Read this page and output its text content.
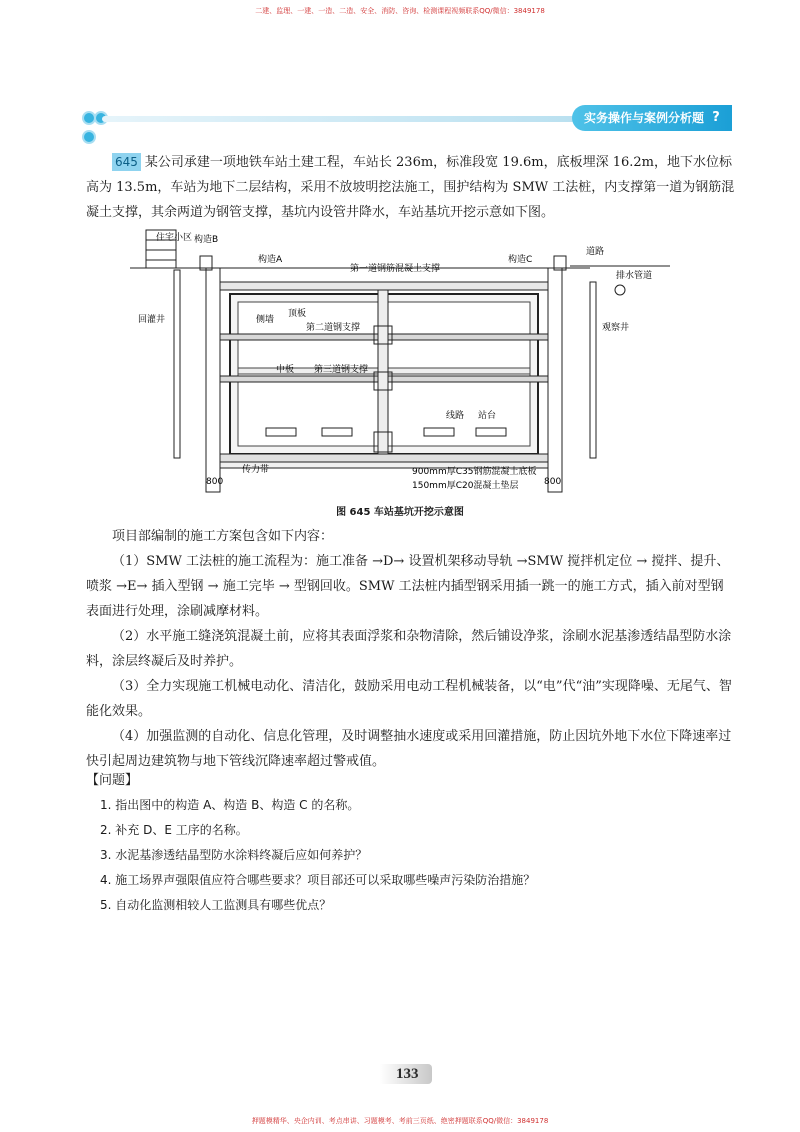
二建、监理、一建、一造、二造、安全、消防、咨询、检测课程视频联系QQ/微信：3849178
实务操作与案例分析题 ?
645 某公司承建一项地铁车站土建工程，车站长 236m，标准段宽 19.6m，底板埋深 16.2m，地下水位标高为 13.5m，车站为地下二层结构，采用不放坡明挖法施工，围护结构为 SMW 工法桩，内支撑第一道为钢筋混凝土支撑，其余两道为钢管支撑，基坑内设管井降水，车站基坑开挖示意如下图。
住宅小区 构造B
构造A
第一道钢筋混凝土支撑
构造C
道路
排水管道
回灌井	侧墙
顶板
第二道钢支撑	观察井
中板 第三道钢支撑
线路 站台
传力带
800	800
900mm厚C35钢筋混凝土底板
150mm厚C20混凝土垫层
图 645 车站基坑开挖示意图

项目部编制的施工方案包含如下内容：

（1）SMW 工法桩的施工流程为：施工准备 →D→ 设置机架移动导轨 →SMW 搅拌机定位 → 搅拌、提升、喷浆 →E→ 插入型钢 → 施工完毕 → 型钢回收。SMW 工法桩内插型钢采用插一跳一的施工方式，插入前对型钢表面进行处理，涂刷减摩材料。

（2）水平施工缝浇筑混凝土前，应将其表面浮浆和杂物清除，然后铺设净浆，涂刷水泥基渗透结晶型防水涂料，涂层终凝后及时养护。

（3）全力实现施工机械电动化、清洁化，鼓励采用电动工程机械装备，以“电”代“油”实现降噪、无尾气、智能化效果。

（4）加强监测的自动化、信息化管理，及时调整抽水速度或采用回灌措施，防止因坑外地下水位下降速率过快引起周边建筑物与地下管线沉降速率超过警戒值。

【问题】

1. 指出图中的构造 A、构造 B、构造 C 的名称。

2. 补充 D、E 工序的名称。

3. 水泥基渗透结晶型防水涂料终凝后应如何养护？

4. 施工场界声强限值应符合哪些要求？项目部还可以采取哪些噪声污染防治措施？

5. 自动化监测相较人工监测具有哪些优点？

133
押题模精华、央企内训、考点串讲、习题模考、考前三页纸、绝密押题联系QQ/微信：3849178
